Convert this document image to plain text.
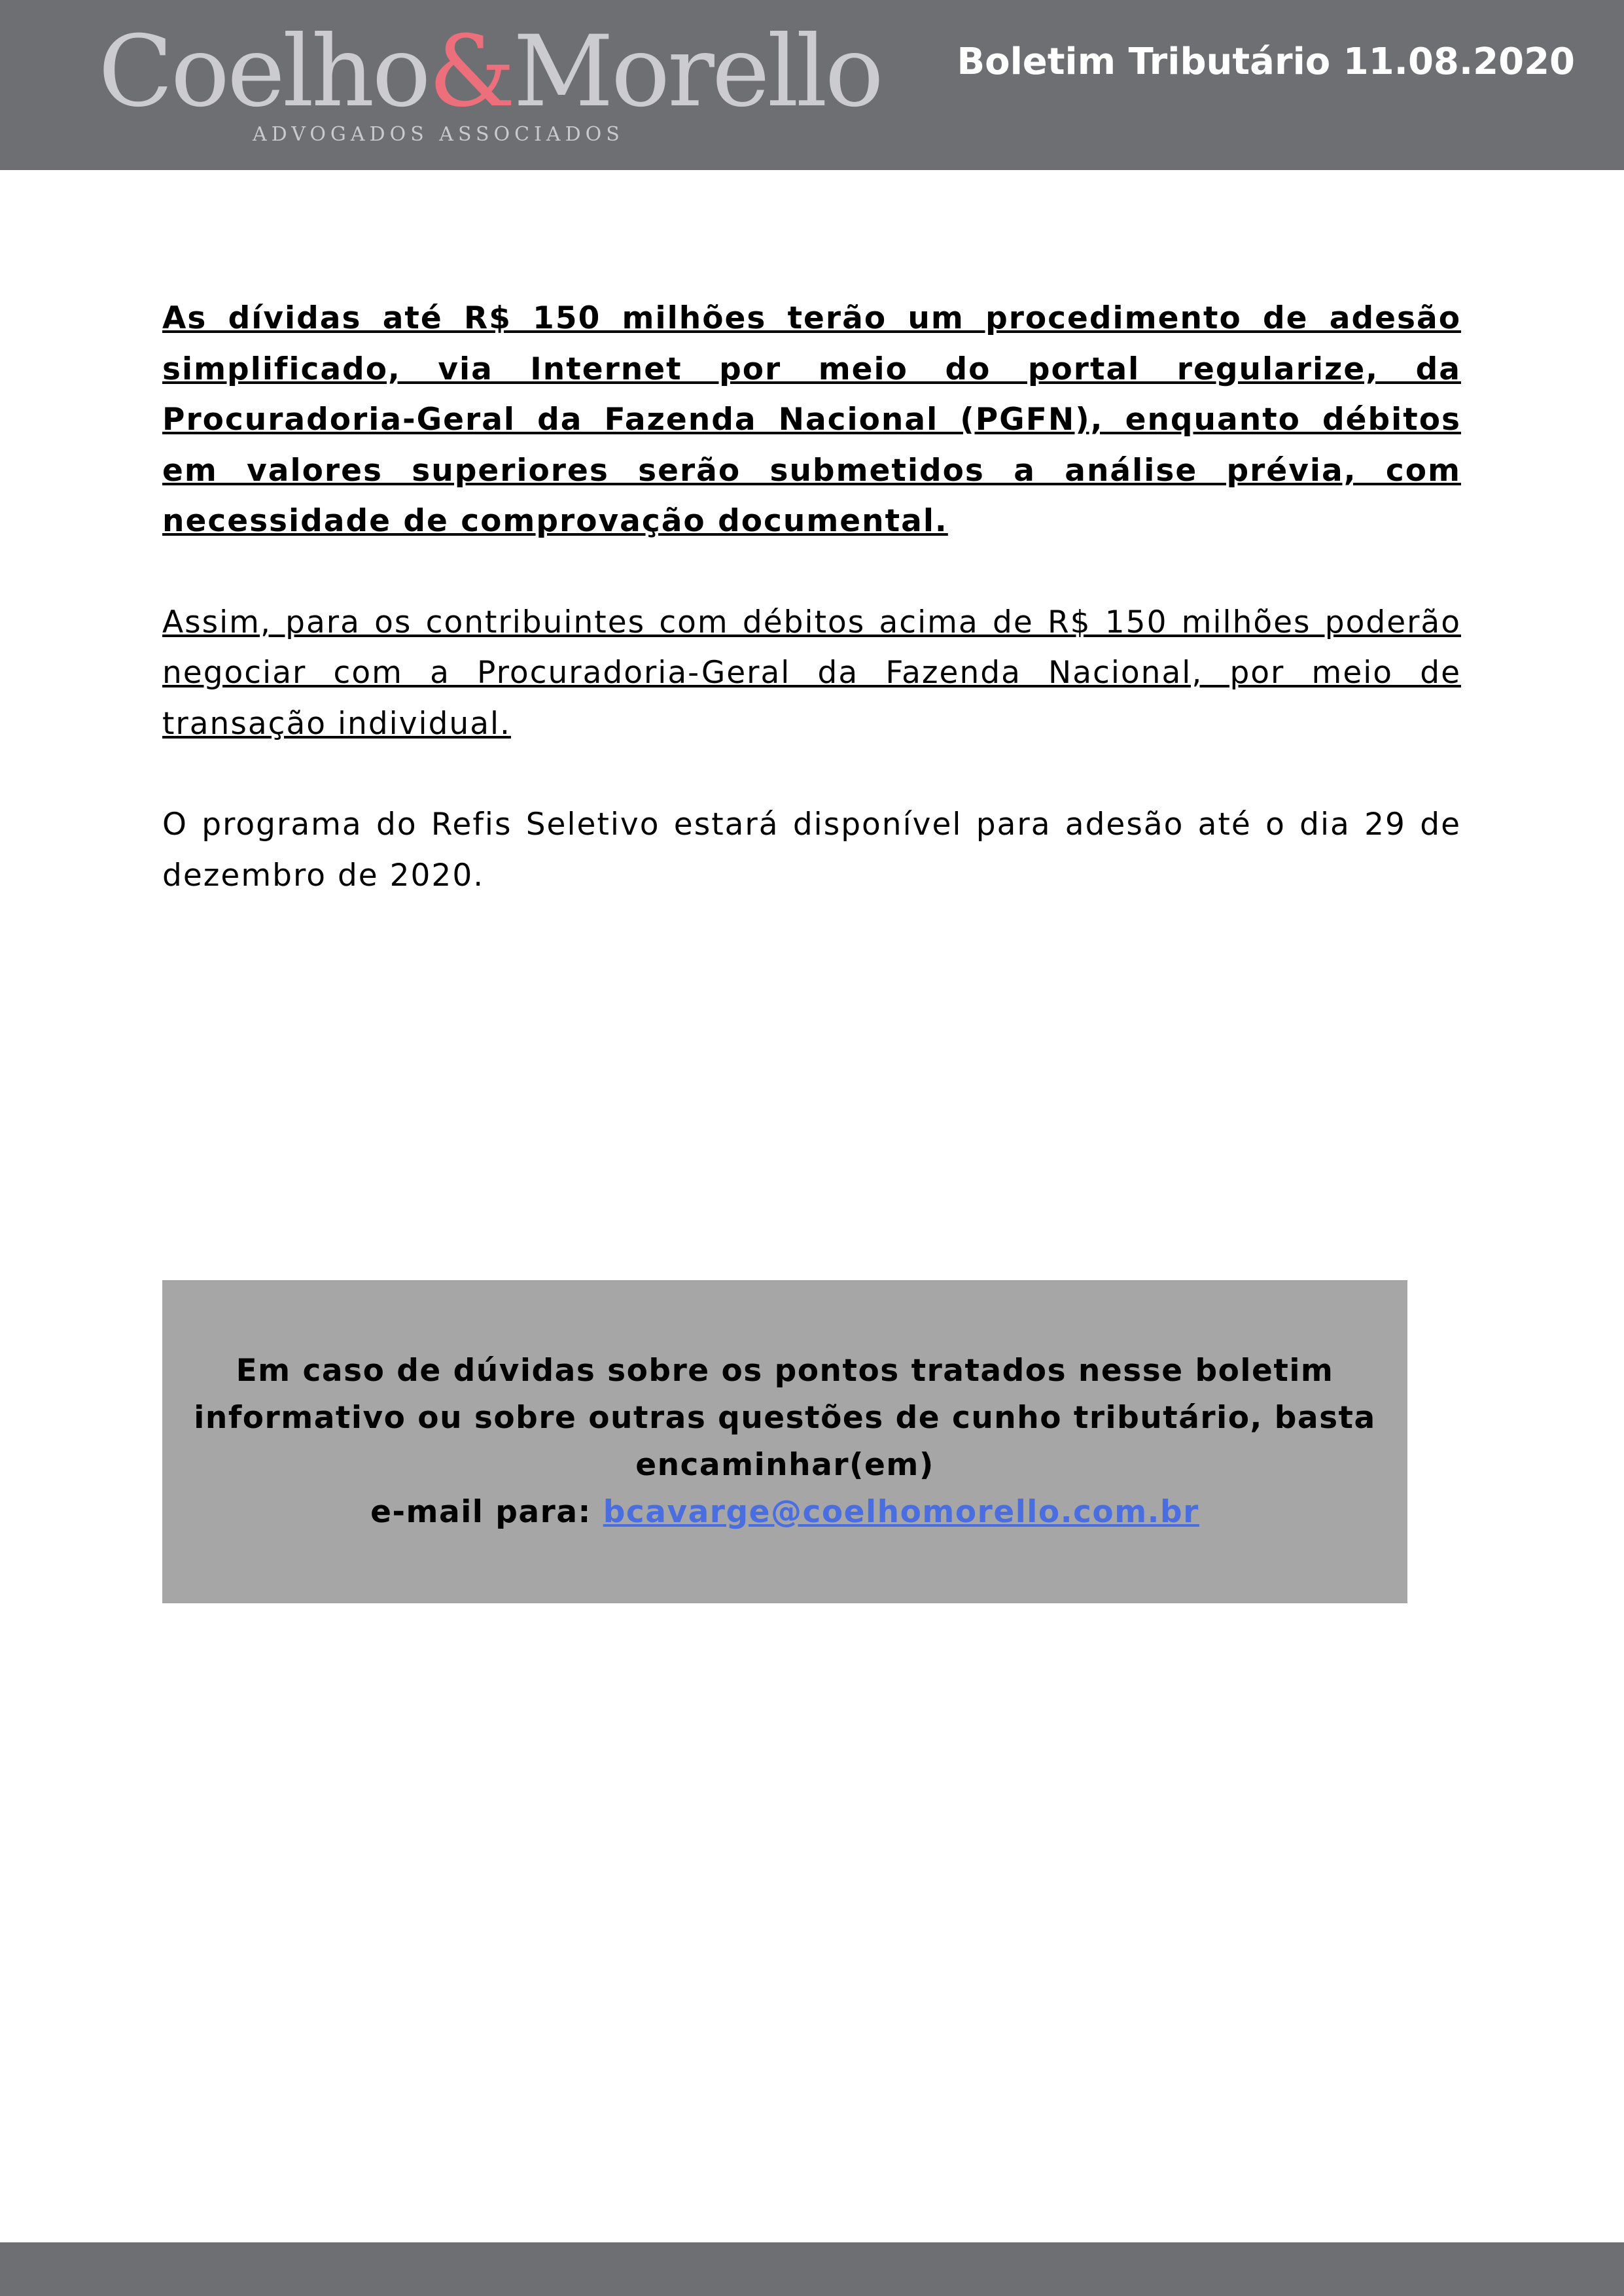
Coelho&Morello
ADVOGADOS ASSOCIADOS
Boletim Tributário 11.08.2020

As dívidas até R$ 150 milhões terão um procedimento de adesão simplificado, via Internet por meio do portal regularize, da Procuradoria-Geral da Fazenda Nacional (PGFN), enquanto débitos em valores superiores serão submetidos a análise prévia, com necessidade de comprovação documental.

Assim, para os contribuintes com débitos acima de R$ 150 milhões poderão negociar com a Procuradoria-Geral da Fazenda Nacional, por meio de transação individual.

O programa do Refis Seletivo estará disponível para adesão até o dia 29 de dezembro de 2020.

Em caso de dúvidas sobre os pontos tratados nesse boletim informativo ou sobre outras questões de cunho tributário, basta encaminhar(em)
e-mail para: bcavarge@coelhomorello.com.br
